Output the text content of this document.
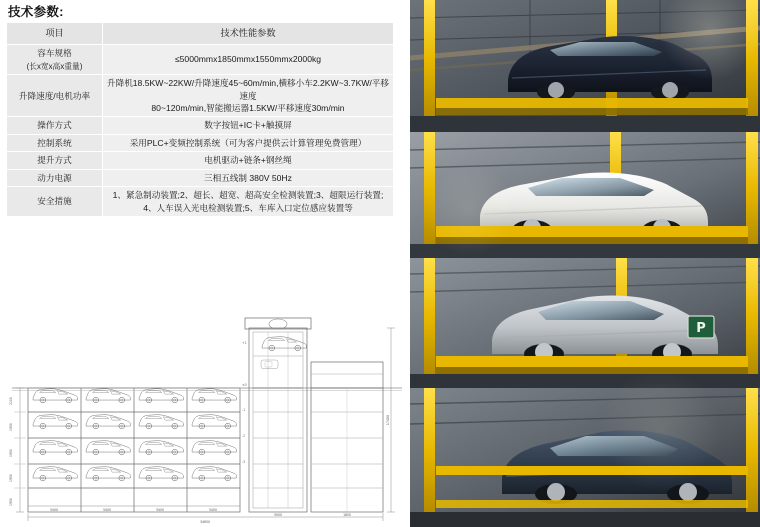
技术参数:
项目	技术性能参数
容车规格
(长x宽x高x重量)	≤5000mmx1850mmx1550mmx2000kg
升降速度/电机功率	升降机18.5KW~22KW/升降速度45~60m/min,横移小车2.2KW~3.7KW/平移速度
80~120m/min,智能搬运器1.5KW/平移速度30m/min

操作方式	数字按钮+IC卡+触摸屏
控制系统	采用PLC+变频控制系统（可为客户提供云计算管理免费管理）
提升方式	电机驱动+链条+钢丝绳
动力电源	三相五线制 380V 50Hz
安全措施	1、紧急制动装置;2、超长、超宽、超高安全检测装置;3、超限运行装置;
4、人车误入光电检测装置;5、车库入口定位感应装置等
5400	5400	5400	5400
34650
5000	1800
2100
1950
1950
1950
1950
17400
±0
-1
-2
-3
+1
P
